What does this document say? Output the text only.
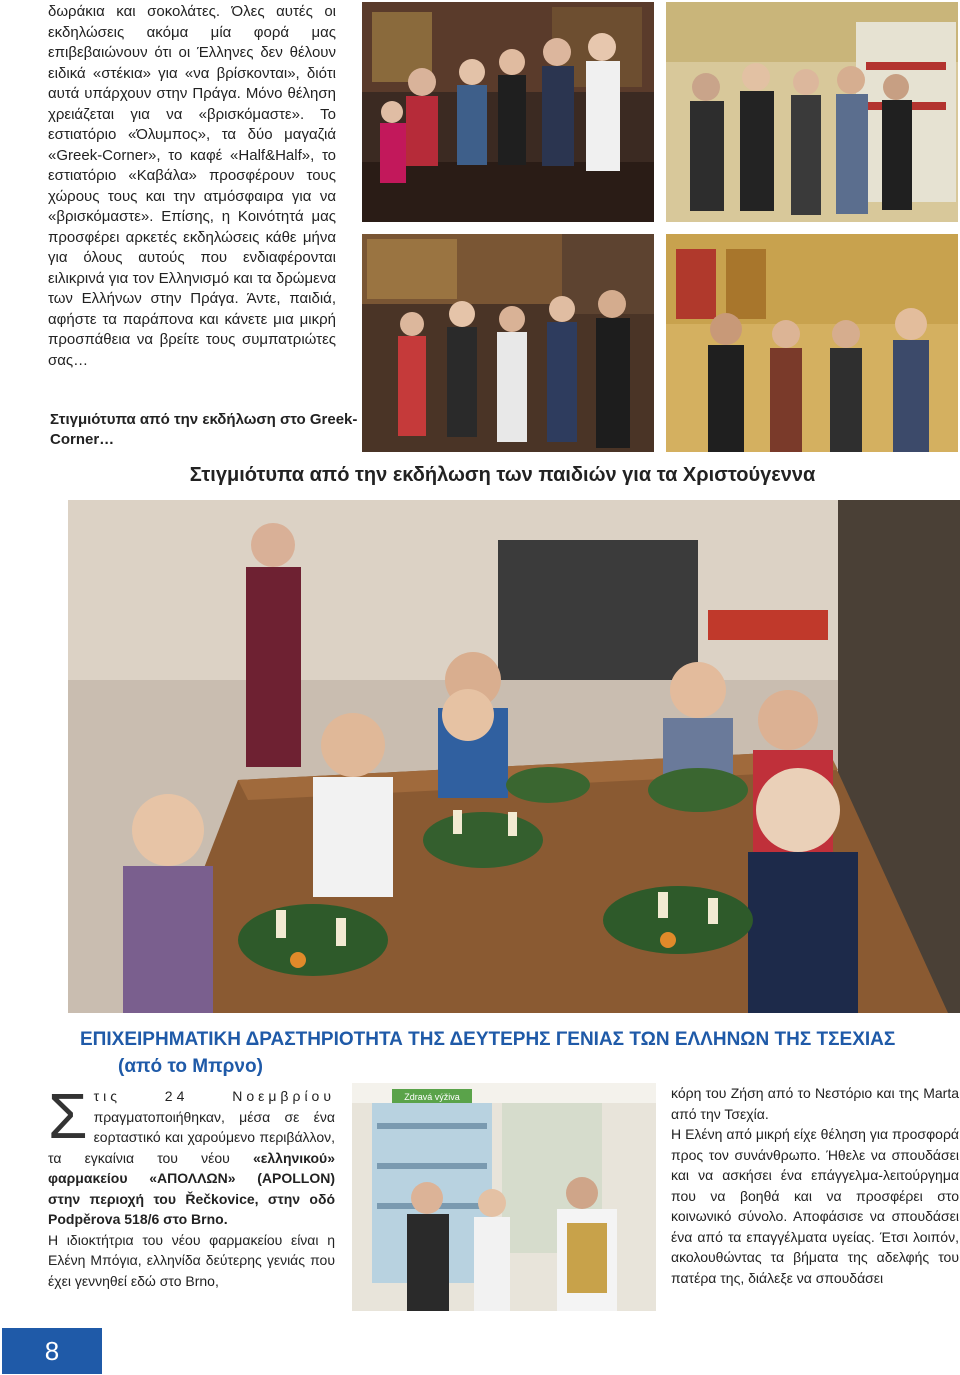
δωράκια και σοκολάτες. Όλες αυτές οι εκδηλώσεις ακόμα μία φορά μας επιβεβαιώνουν ότι οι Έλληνες δεν θέλουν ειδικά «στέκια» για «να βρίσκονται», διότι αυτά υπάρχουν στην Πράγα. Μόνο θέληση χρειάζεται για να «βρισκόμαστε». Το εστιατόριο «Όλυμπος», τα δύο μαγαζιά «Greek-Corner», το καφέ «Half&Half», το εστιατόριο «Καβάλα» προσφέρουν τους χώρους τους και την ατμόσφαιρα για να «βρισκόμαστε». Επίσης, η Κοινότητά μας προσφέρει αρκετές εκδηλώσεις κάθε μήνα για όλους αυτούς που ενδιαφέρονται ειλικρινά για τον Ελληνισμό και τα δρώμενα των Ελλήνων στην Πράγα. Άντε, παιδιά, αφήστε τα παράπονα και κάνετε μια μικρή προσπάθεια να βρείτε τους συμπατριώτες σας…

Στιγμιότυπα από την εκδήλωση στο Greek-Corner…
Στιγμιότυπα από την εκδήλωση των παιδιών για τα Χριστούγεννα
ΕΠΙΧΕΙΡΗΜΑΤΙΚΗ ΔΡΑΣΤΗΡΙΟΤΗΤΑ ΤΗΣ ΔΕΥΤΕΡΗΣ ΓΕΝΙΑΣ ΤΩΝ ΕΛΛΗΝΩΝ ΤΗΣ ΤΣΕΧΙΑΣ
(από το Μπρνο)

Στις 24 Νοεμβρίου πραγματοποιήθηκαν, μέσα σε ένα εορταστικό και χαρούμενο περιβάλλον, τα εγκαίνια του νέου «ελληνικού» φαρμακείου «ΑΠΟΛΛΩΝ» (APOLLON) στην περιοχή του Řečkovice, στην οδό Podpěrova 518/6 στο Brno.

Η ιδιοκτήτρια του νέου φαρμακείου είναι η Ελένη Μπόγια, ελληνίδα δεύτερης γενιάς που έχει γεννηθεί εδώ στο Brno,

Zdravá výživa	κόρη του Ζήση από το Νεστόριο και της Marta από την Τσεχία.

Η Ελένη από μικρή είχε θέληση για προσφορά προς τον συνάνθρωπο. Ήθελε να σπουδάσει και να ασκήσει ένα επάγγελμα-λειτούργημα που να βοηθά και να προσφέρει στο κοινωνικό σύνολο. Αποφάσισε να σπουδάσει ένα από τα επαγγέλματα υγείας. Έτσι λοιπόν, ακολουθώντας τα βήματα της αδελφής του πατέρα της, διάλεξε να σπουδάσει

8
